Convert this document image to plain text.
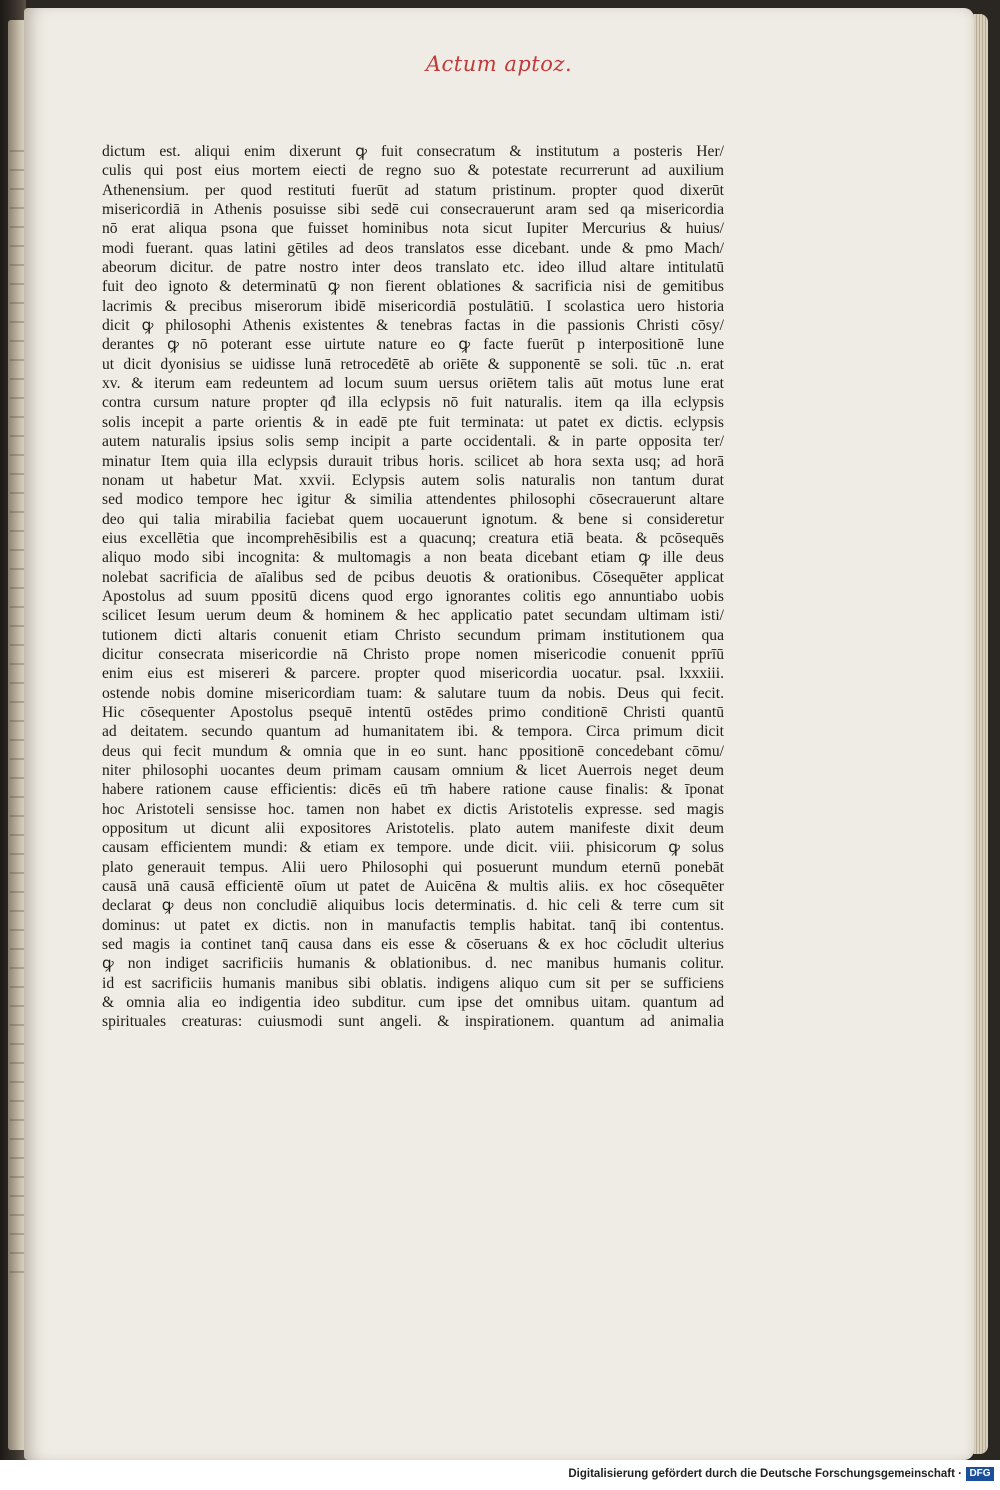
Actum aptoz.
dictum est. aliqui enim dixerunt ꝙ fuit consecratum & institutum a posteris Her/
culis qui post eius mortem eiecti de regno suo & potestate recurrerunt ad auxilium
Athenensium. per quod restituti fuerūt ad statum pristinum. propter quod dixerūt
misericordiā in Athenis posuisse sibi sedē cui consecrauerunt aram sed qa misericordia
nō erat aliqua psona que fuisset hominibus nota sicut Iupiter Mercurius & huius/
modi fuerant. quas latini gētiles ad deos translatos esse dicebant. unde & pmo Mach/
abeorum dicitur. de patre nostro inter deos translato etc. ideo illud altare intitulatū
fuit deo ignoto & determinatū ꝙ non fierent oblationes & sacrificia nisi de gemitibus
lacrimis & precibus miserorum ibidē misericordiā postulātiū. I scolastica uero historia
dicit ꝙ philosophi Athenis existentes & tenebras factas in die passionis Christi cōsy/
derantes ꝙ nō poterant esse uirtute nature eo ꝙ facte fuerūt p interpositionē lune
ut dicit dyonisius se uidisse lunā retrocedētē ab oriēte & supponentē se soli. tūc .n. erat
xv. & iterum eam redeuntem ad locum suum uersus oriētem talis aūt motus lune erat
contra cursum nature propter qđ illa eclypsis nō fuit naturalis. item qa illa eclypsis
solis incepit a parte orientis & in eadē pte fuit terminata: ut patet ex dictis. eclypsis
autem naturalis ipsius solis semp incipit a parte occidentali. & in parte opposita ter/
minatur Item quia illa eclypsis durauit tribus horis. scilicet ab hora sexta usq; ad horā
nonam ut habetur Mat. xxvii. Eclypsis autem solis naturalis non tantum durat
sed modico tempore hec igitur & similia attendentes philosophi cōsecrauerunt altare
deo qui talia mirabilia faciebat quem uocauerunt ignotum. & bene si consideretur
eius excellētia que incomprehēsibilis est a quacunq; creatura etiā beata. & pcōsequēs
aliquo modo sibi incognita: & multomagis a non beata dicebant etiam ꝙ ille deus
nolebat sacrificia de aīalibus sed de pcibus deuotis & orationibus. Cōsequēter applicat
Apostolus ad suum ppositū dicens quod ergo ignorantes colitis ego annuntiabo uobis
scilicet Iesum uerum deum & hominem & hec applicatio patet secundam ultimam isti/
tutionem dicti altaris conuenit etiam Christo secundum primam institutionem qua
dicitur consecrata misericordie nā Christo prope nomen misericodie conuenit pprīū
enim eius est misereri & parcere. propter quod misericordia uocatur. psal. lxxxiii.
ostende nobis domine misericordiam tuam: & salutare tuum da nobis. Deus qui fecit.
Hic cōsequenter Apostolus psequē intentū ostēdes primo conditionē Christi quantū
ad deitatem. secundo quantum ad humanitatem ibi. & tempora. Circa primum dicit
deus qui fecit mundum & omnia que in eo sunt. hanc ppositionē concedebant cōmu/
niter philosophi uocantes deum primam causam omnium & licet Auerrois neget deum
habere rationem cause efficientis: dicēs eū tm̄ habere ratione cause finalis: & īponat
hoc Aristoteli sensisse hoc. tamen non habet ex dictis Aristotelis expresse. sed magis
oppositum ut dicunt alii expositores Aristotelis. plato autem manifeste dixit deum
causam efficientem mundi: & etiam ex tempore. unde dicit. viii. phisicorum ꝙ solus
plato generauit tempus. Alii uero Philosophi qui posuerunt mundum eternū ponebāt
causā unā causā efficientē oīum ut patet de Auicēna & multis aliis. ex hoc cōsequēter
declarat ꝙ deus non concludiē aliquibus locis determinatis. d. hic celi & terre cum sit
dominus: ut patet ex dictis. non in manufactis templis habitat. tanq̄ ibi contentus.
sed magis ia continet tanq̄ causa dans eis esse & cōseruans & ex hoc cōcludit ulterius
ꝙ non indiget sacrificiis humanis & oblationibus. d. nec manibus humanis colitur.
id est sacrificiis humanis manibus sibi oblatis. indigens aliquo cum sit per se sufficiens
& omnia alia eo indigentia ideo subditur. cum ipse det omnibus uitam. quantum ad
spirituales creaturas: cuiusmodi sunt angeli. & inspirationem. quantum ad animalia
Digitalisierung gefördert durch die Deutsche Forschungsgemeinschaft · DFG
